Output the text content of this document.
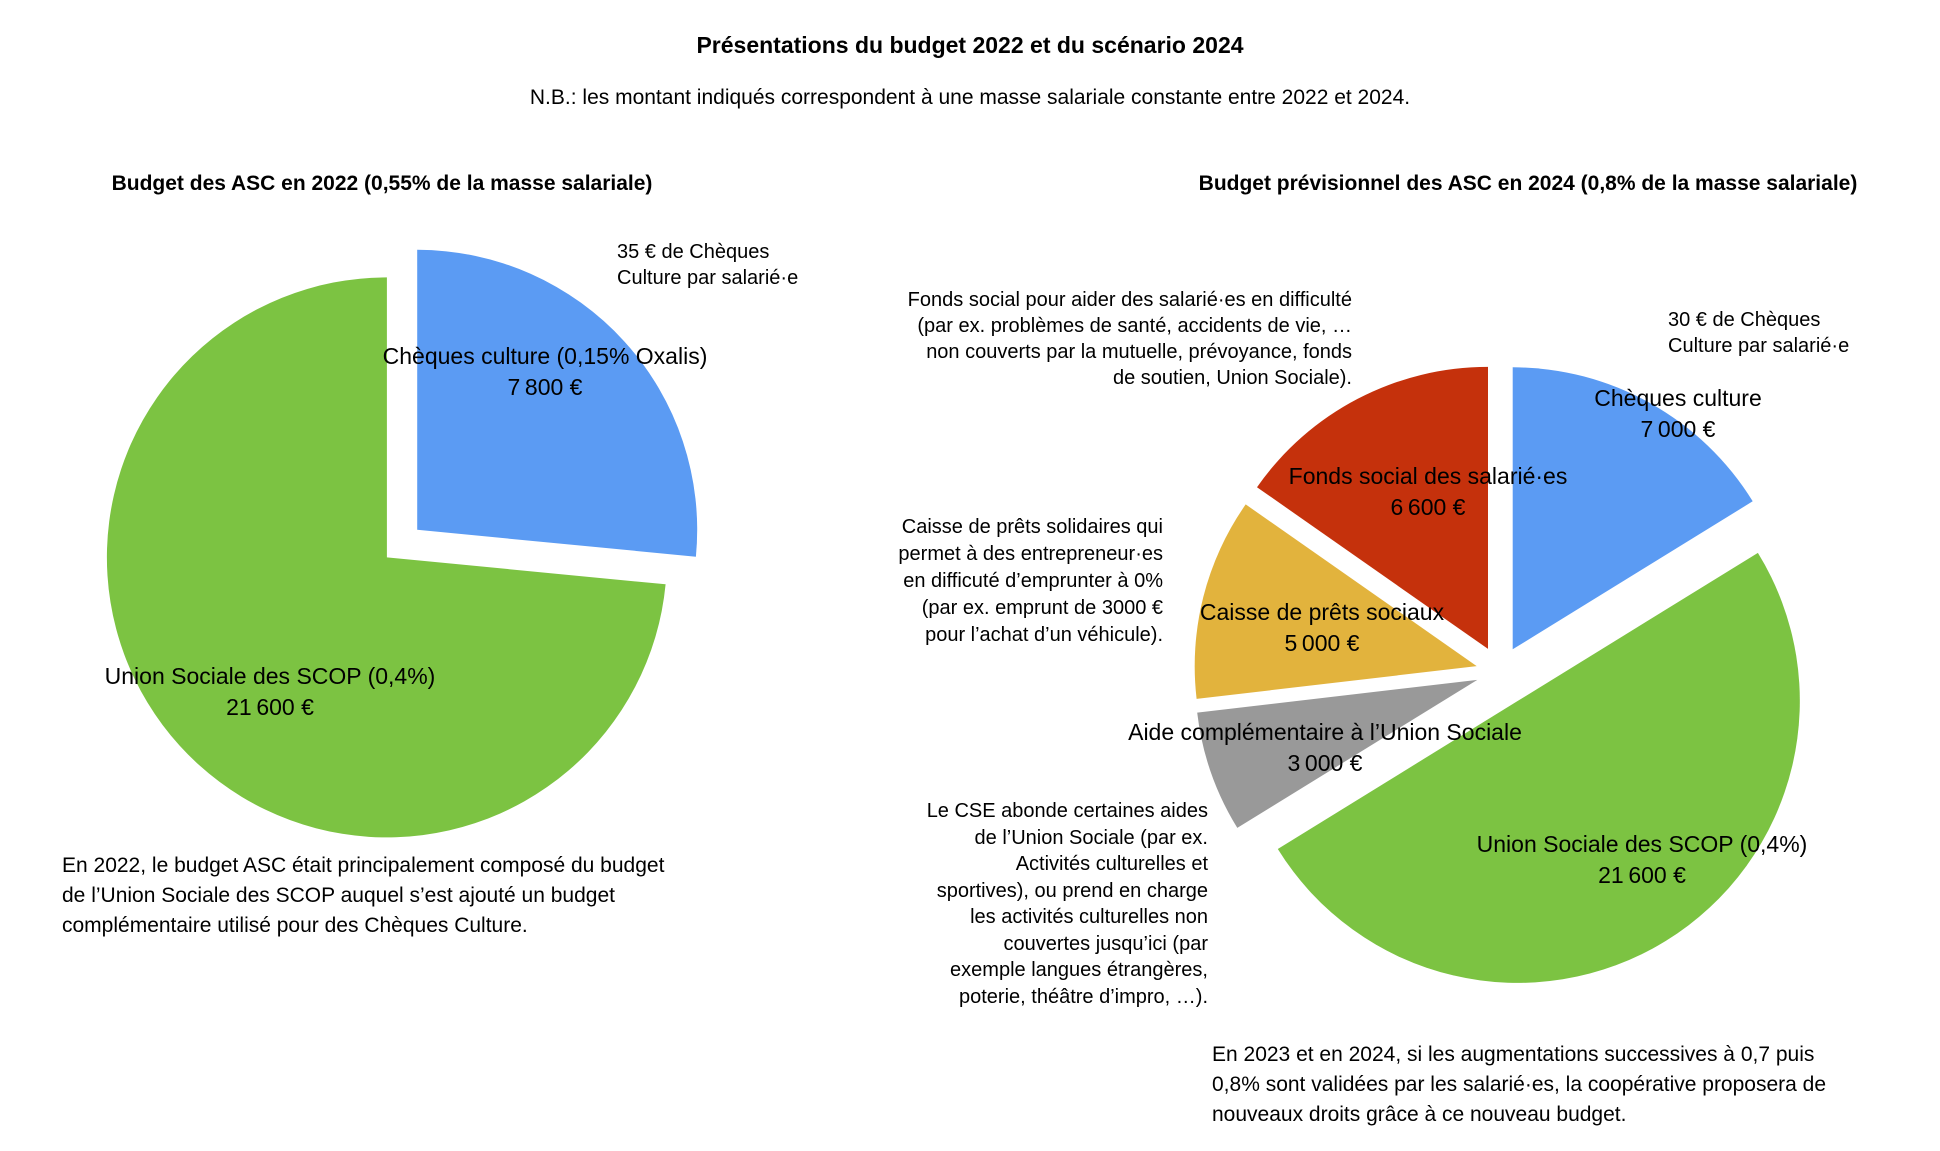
Présentations du budget 2022 et du scénario 2024
N.B.: les montant indiqués correspondent à une masse salariale constante entre 2022 et 2024.
Budget des ASC en 2022 (0,55% de la masse salariale)	Budget prévisionnel des ASC en 2024 (0,8% de la masse salariale)
35 € de Chèques
Culture par salarié·e
Chèques culture (0,15% Oxalis)
7 800 €
Union Sociale des SCOP (0,4%)
21 600 €
En 2022, le budget ASC était principalement composé du budget
de l’Union Sociale des SCOP auquel s’est ajouté un budget
complémentaire utilisé pour des Chèques Culture.
Fonds social pour aider des salarié·es en difficulté
(par ex. problèmes de santé, accidents de vie, …
non couverts par la mutuelle, prévoyance, fonds
de soutien, Union Sociale).
30 € de Chèques
Culture par salarié·e
Chèques culture
7 000 €
Fonds social des salarié·es
6 600 €
Caisse de prêts sociaux
5 000 €
Aide complémentaire à l’Union Sociale
3 000 €
Union Sociale des SCOP (0,4%)
21 600 €
Caisse de prêts solidaires qui
permet à des entrepreneur·es
en difficuté d’emprunter à 0%
(par ex. emprunt de 3000 €
pour l’achat d’un véhicule).
Le CSE abonde certaines aides
de l’Union Sociale (par ex.
Activités culturelles et
sportives), ou prend en charge
les activités culturelles non
couvertes jusqu’ici (par
exemple langues étrangères,
poterie, théâtre d’impro, …).
En 2023 et en 2024, si les augmentations successives à 0,7 puis
0,8% sont validées par les salarié·es, la coopérative proposera de
nouveaux droits grâce à ce nouveau budget.
